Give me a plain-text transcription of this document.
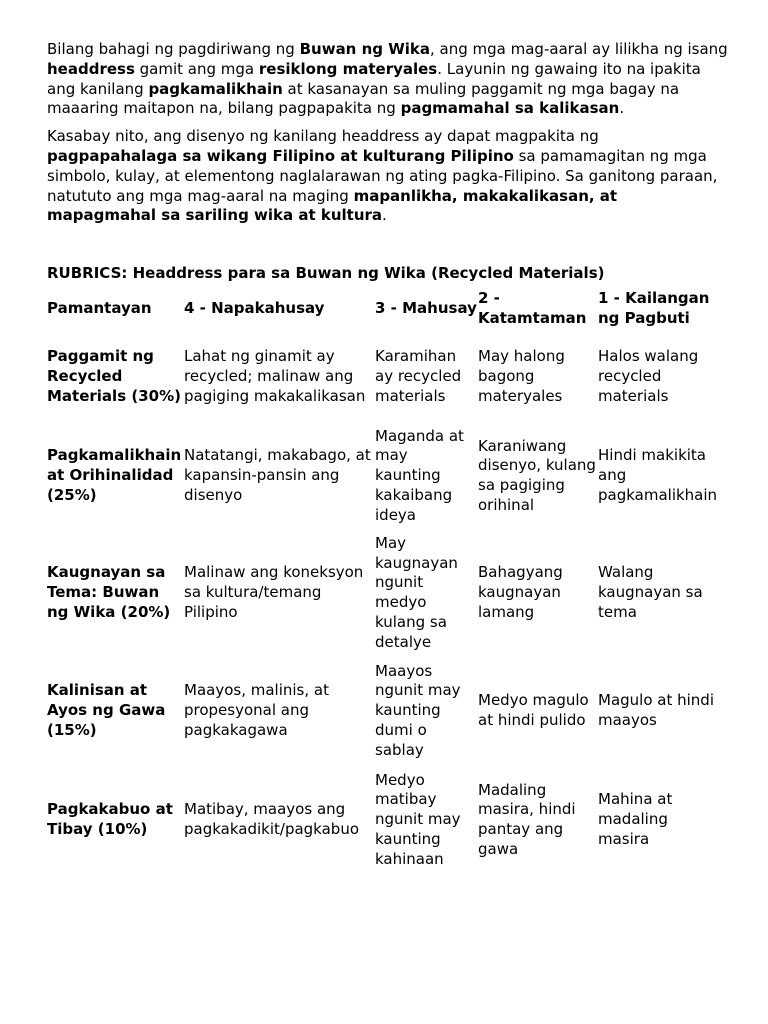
Bilang bahagi ng pagdiriwang ng Buwan ng Wika, ang mga mag-aaral ay lilikha ng isang headdress gamit ang mga resiklong materyales. Layunin ng gawaing ito na ipakita ang kanilang pagkamalikhain at kasanayan sa muling paggamit ng mga bagay na maaaring maitapon na, bilang pagpapakita ng pagmamahal sa kalikasan.

Kasabay nito, ang disenyo ng kanilang headdress ay dapat magpakita ng pagpapahalaga sa wikang Filipino at kulturang Pilipino sa pamamagitan ng mga simbolo, kulay, at elementong naglalarawan ng ating pagka-Filipino. Sa ganitong paraan, natututo ang mga mag-aaral na maging mapanlikha, makakalikasan, at mapagmahal sa sariling wika at kultura.

RUBRICS: Headdress para sa Buwan ng Wika (Recycled Materials)
Pamantayan	4 - Napakahusay	3 - Mahusay	2 - Katamtaman	1 - Kailangan ng Pagbuti

Paggamit ng Recycled Materials (30%)	Lahat ng ginamit ay recycled; malinaw ang pagiging makakalikasan	Karamihan ay recycled materials	May halong bagong materyales	Halos walang recycled materials

Pagkamalikhain at Orihinalidad (25%)	Natatangi, makabago, at kapansin-pansin ang disenyo	Maganda at may kaunting kakaibang ideya	Karaniwang disenyo, kulang sa pagiging orihinal	Hindi makikita ang pagkamalikhain

Kaugnayan sa Tema: Buwan ng Wika (20%)	Malinaw ang koneksyon sa kultura/temang Pilipino	May kaugnayan ngunit medyo kulang sa detalye	Bahagyang kaugnayan lamang	Walang kaugnayan sa tema

Kalinisan at Ayos ng Gawa (15%)	Maayos, malinis, at propesyonal ang pagkakagawa	Maayos ngunit may kaunting dumi o sablay	Medyo magulo at hindi pulido	Magulo at hindi maayos

Pagkakabuo at Tibay (10%)	Matibay, maayos ang pagkakadikit/pagkabuo	Medyo matibay ngunit may kaunting kahinaan	Madaling masira, hindi pantay ang gawa	Mahina at madaling masira
